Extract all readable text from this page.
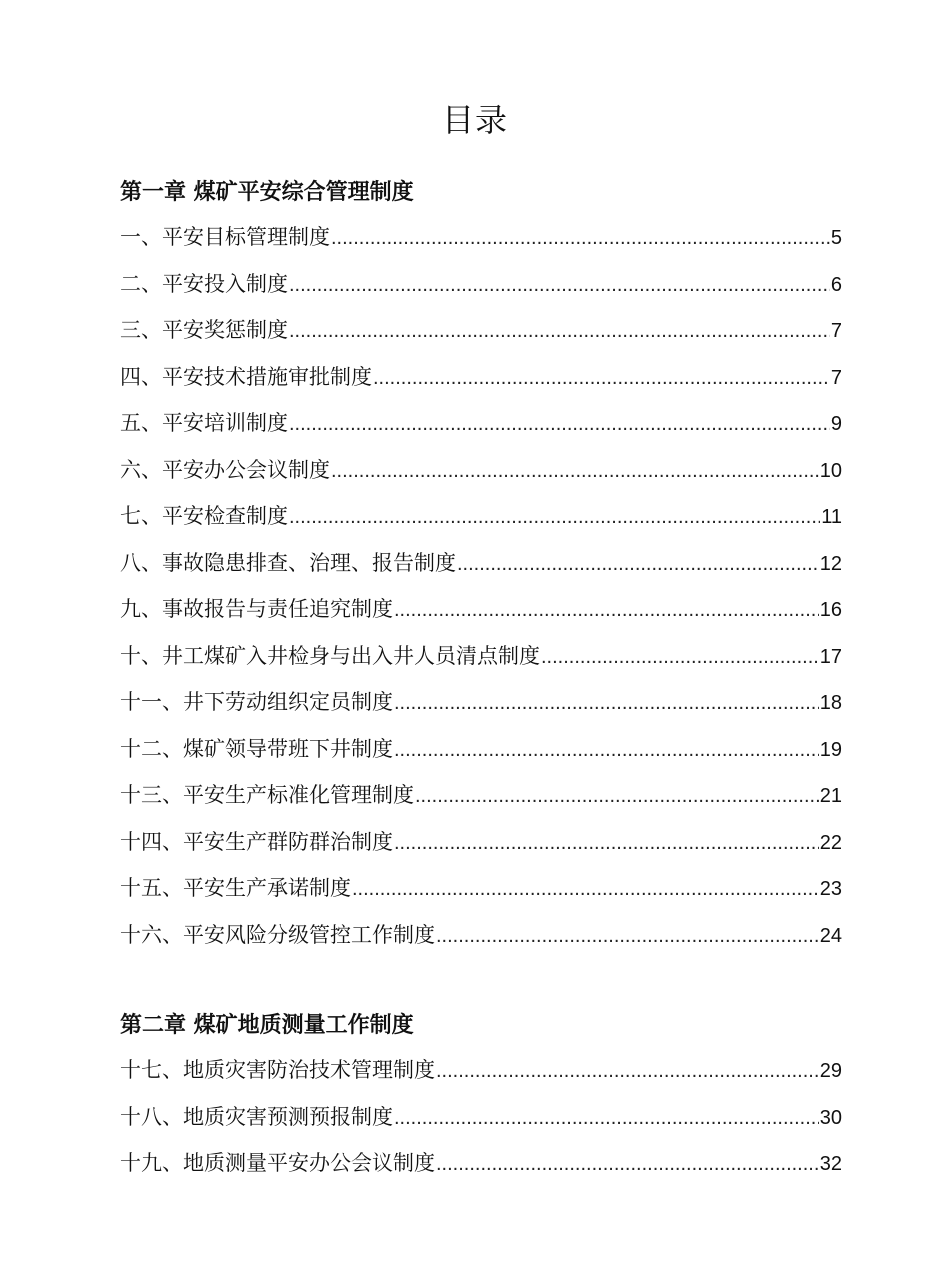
目录
第一章 煤矿平安综合管理制度
一、平安目标管理制度 .....	5
二、平安投入制度 .....	6
三、平安奖惩制度 .....	7
四、平安技术措施审批制度 .....	7
五、平安培训制度 .....	9
六、平安办公会议制度 .....	10
七、平安检查制度 .....	11
八、事故隐患排查、治理、报告制度 .....	12
九、事故报告与责任追究制度 .....	16
十、井工煤矿入井检身与出入井人员清点制度 .....	17
十一、井下劳动组织定员制度 .....	18
十二、煤矿领导带班下井制度 .....	19
十三、平安生产标准化管理制度 .....	21
十四、平安生产群防群治制度 .....	22
十五、平安生产承诺制度 .....	23
十六、平安风险分级管控工作制度 .....	24
第二章 煤矿地质测量工作制度
十七、地质灾害防治技术管理制度 .....	29
十八、地质灾害预测预报制度 .....	30
十九、地质测量平安办公会议制度 .....	32
